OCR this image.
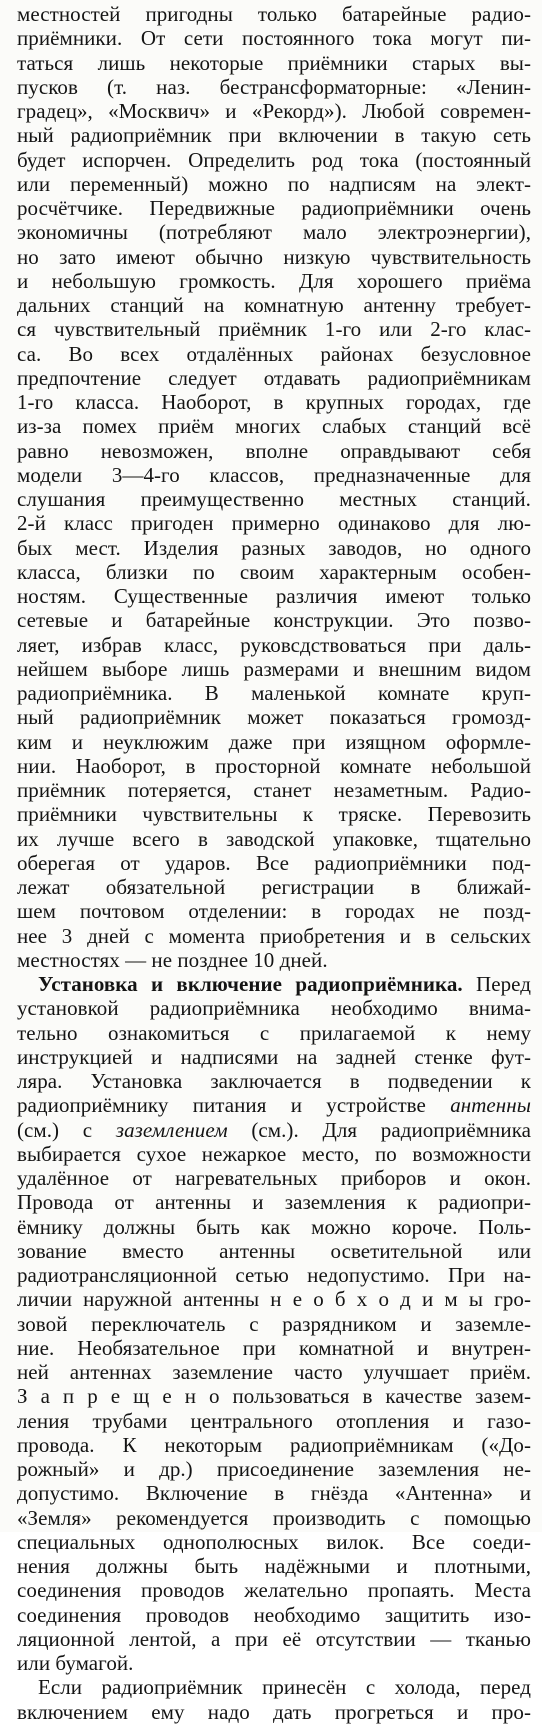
местностей пригодны только батарейные радио-
приёмники. От сети постоянного тока могут пи-
таться лишь некоторые приёмники старых вы-
пусков (т. наз. бестрансформаторные: «Ленин-
градец», «Москвич» и «Рекорд»). Любой современ-
ный радиоприёмник при включении в такую сеть
будет испорчен. Определить род тока (постоянный
или переменный) можно по надписям на элект-
росчётчике. Передвижные радиоприёмники очень
экономичны (потребляют мало электроэнергии),
но зато имеют обычно низкую чувствительность
и небольшую громкость. Для хорошего приёма
дальних станций на комнатную антенну требует-
ся чувствительный приёмник 1-го или 2-го клас-
са. Во всех отдалённых районах безусловное
предпочтение следует отдавать радиоприёмникам
1-го класса. Наоборот, в крупных городах, где
из-за помех приём многих слабых станций всё
равно невозможен, вполне оправдывают себя
модели 3—4-го классов, предназначенные для
слушания преимущественно местных станций.
2-й класс пригоден примерно одинаково для лю-
бых мест. Изделия разных заводов, но одного
класса, близки по своим характерным особен-
ностям. Существенные различия имеют только
сетевые и батарейные конструкции. Это позво-
ляет, избрав класс, руковсдствоваться при даль-
нейшем выборе лишь размерами и внешним видом
радиоприёмника. В маленькой комнате круп-
ный радиоприёмник может показаться громозд-
ким и неуклюжим даже при изящном оформле-
нии. Наоборот, в просторной комнате небольшой
приёмник потеряется, станет незаметным. Радио-
приёмники чувствительны к тряске. Перевозить
их лучше всего в заводской упаковке, тщательно
оберегая от ударов. Все радиоприёмники под-
лежат обязательной регистрации в ближай-
шем почтовом отделении: в городах не позд-
нее 3 дней с момента приобретения и в сельских
местностях — не позднее 10 дней.
Установка и включение радиоприёмника. Перед
установкой радиоприёмника необходимо внима-
тельно ознакомиться с прилагаемой к нему
инструкцией и надписями на задней стенке фут-
ляра. Установка заключается в подведении к
радиоприёмнику питания и устройстве антенны
(см.) с заземлением (см.). Для радиоприёмника
выбирается сухое нежаркое место, по возможности
удалённое от нагревательных приборов и окон.
Провода от антенны и заземления к радиопри-
ёмнику должны быть как можно короче. Поль-
зование вместо антенны осветительной или
радиотрансляционной сетью недопустимо. При на-
личии наружной антенны н е о б х о д и м ы гро-
зовой переключатель с разрядником и заземле-
ние. Необязательное при комнатной и внутрен-
ней антеннах заземление часто улучшает приём.
З а п р е щ е н о пользоваться в качестве зазем-
ления трубами центрального отопления и газо-
провода. К некоторым радиоприёмникам («До-
рожный» и др.) присоединение заземления не-
допустимо. Включение в гнёзда «Антенна» и
«Земля» рекомендуется производить с помощью
специальных однополюсных вилок. Все соеди-
нения должны быть надёжными и плотными,
соединения проводов желательно пропаять. Места
соединения проводов необходимо защитить изо-
ляционной лентой, а при её отсутствии — тканью
или бумагой.
Если радиоприёмник принесён с холода, перед
включением ему надо дать прогреться и про-
